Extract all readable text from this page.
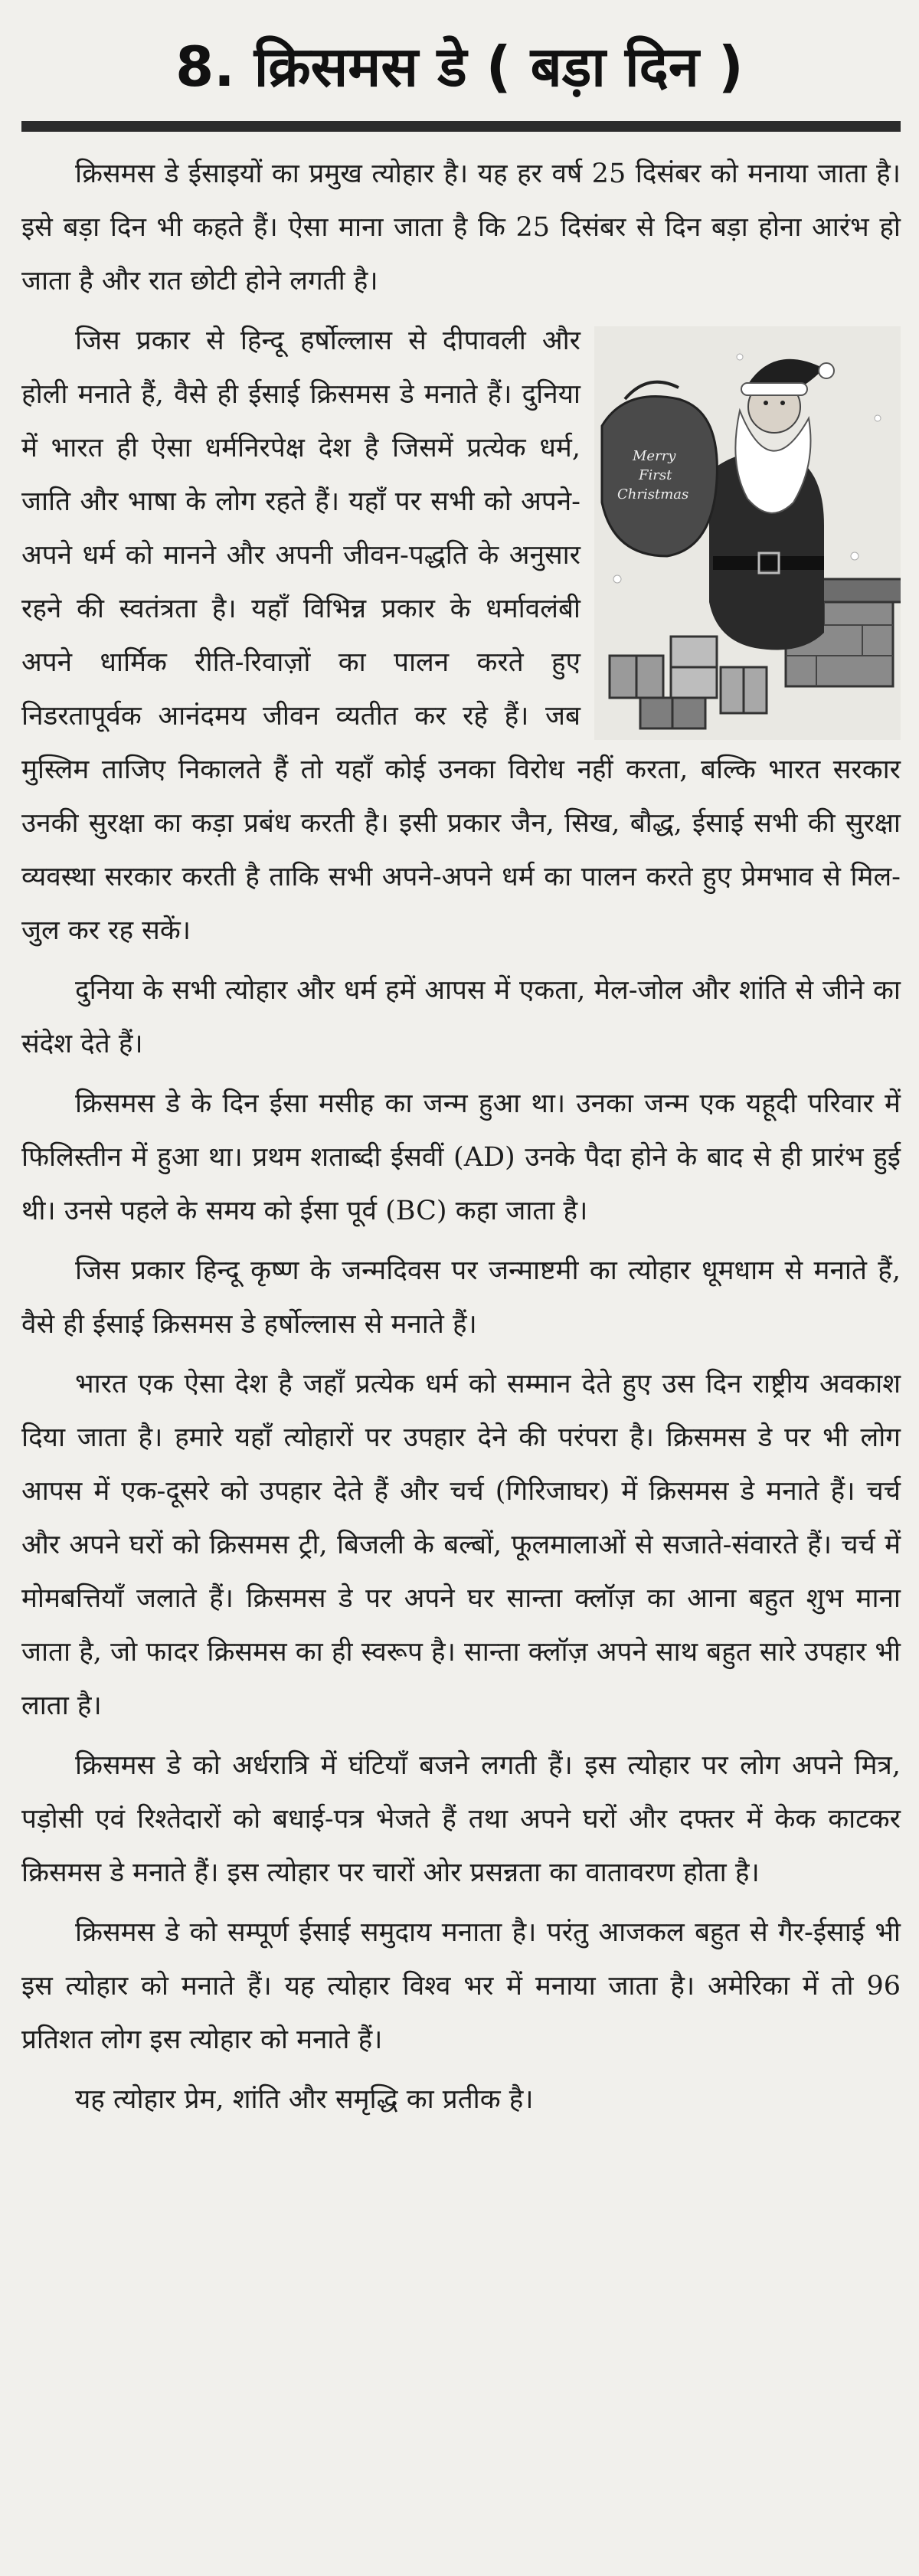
8. क्रिसमस डे ( बड़ा दिन )

क्रिसमस डे ईसाइयों का प्रमुख त्योहार है। यह हर वर्ष 25 दिसंबर को मनाया जाता है। इसे बड़ा दिन भी कहते हैं। ऐसा माना जाता है कि 25 दिसंबर से दिन बड़ा होना आरंभ हो जाता है और रात छोटी होने लगती है।

Merry
First
Christmas

जिस प्रकार से हिन्दू हर्षोल्लास से दीपावली और होली मनाते हैं, वैसे ही ईसाई क्रिसमस डे मनाते हैं। दुनिया में भारत ही ऐसा धर्मनिरपेक्ष देश है जिसमें प्रत्येक धर्म, जाति और भाषा के लोग रहते हैं। यहाँ पर सभी को अपने-अपने धर्म को मानने और अपनी जीवन-पद्धति के अनुसार रहने की स्वतंत्रता है। यहाँ विभिन्न प्रकार के धर्मावलंबी अपने धार्मिक रीति-रिवाज़ों का पालन करते हुए निडरतापूर्वक आनंदमय जीवन व्यतीत कर रहे हैं। जब मुस्लिम ताजिए निकालते हैं तो यहाँ कोई उनका विरोध नहीं करता, बल्कि भारत सरकार उनकी सुरक्षा का कड़ा प्रबंध करती है। इसी प्रकार जैन, सिख, बौद्ध, ईसाई सभी की सुरक्षा व्यवस्था सरकार करती है ताकि सभी अपने-अपने धर्म का पालन करते हुए प्रेमभाव से मिल-जुल कर रह सकें।

दुनिया के सभी त्योहार और धर्म हमें आपस में एकता, मेल-जोल और शांति से जीने का संदेश देते हैं।

क्रिसमस डे के दिन ईसा मसीह का जन्म हुआ था। उनका जन्म एक यहूदी परिवार में फिलिस्तीन में हुआ था। प्रथम शताब्दी ईसवीं (AD) उनके पैदा होने के बाद से ही प्रारंभ हुई थी। उनसे पहले के समय को ईसा पूर्व (BC) कहा जाता है।

जिस प्रकार हिन्दू कृष्ण के जन्मदिवस पर जन्माष्टमी का त्योहार धूमधाम से मनाते हैं, वैसे ही ईसाई क्रिसमस डे हर्षोल्लास से मनाते हैं।

भारत एक ऐसा देश है जहाँ प्रत्येक धर्म को सम्मान देते हुए उस दिन राष्ट्रीय अवकाश दिया जाता है। हमारे यहाँ त्योहारों पर उपहार देने की परंपरा है। क्रिसमस डे पर भी लोग आपस में एक-दूसरे को उपहार देते हैं और चर्च (गिरिजाघर) में क्रिसमस डे मनाते हैं। चर्च और अपने घरों को क्रिसमस ट्री, बिजली के बल्बों, फूलमालाओं से सजाते-संवारते हैं। चर्च में मोमबत्तियाँ जलाते हैं। क्रिसमस डे पर अपने घर सान्ता क्लॉज़ का आना बहुत शुभ माना जाता है, जो फादर क्रिसमस का ही स्वरूप है। सान्ता क्लॉज़ अपने साथ बहुत सारे उपहार भी लाता है।

क्रिसमस डे को अर्धरात्रि में घंटियाँ बजने लगती हैं। इस त्योहार पर लोग अपने मित्र, पड़ोसी एवं रिश्तेदारों को बधाई-पत्र भेजते हैं तथा अपने घरों और दफ्तर में केक काटकर क्रिसमस डे मनाते हैं। इस त्योहार पर चारों ओर प्रसन्नता का वातावरण होता है।

क्रिसमस डे को सम्पूर्ण ईसाई समुदाय मनाता है। परंतु आजकल बहुत से गैर-ईसाई भी इस त्योहार को मनाते हैं। यह त्योहार विश्व भर में मनाया जाता है। अमेरिका में तो 96 प्रतिशत लोग इस त्योहार को मनाते हैं।

यह त्योहार प्रेम, शांति और समृद्धि का प्रतीक है।
